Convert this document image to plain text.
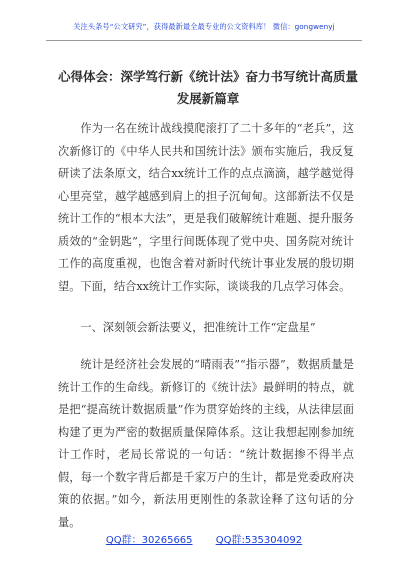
关注头条号“公文研究”，获得最新最全最专业的公文资料库！ 微信：gongwenyj
心得体会：深学笃行新《统计法》奋力书写统计高质量发展新篇章
作为一名在统计战线摸爬滚打了二十多年的“老兵”，这次新修订的《中华人民共和国统计法》颁布实施后，我反复研读了法条原文，结合xx统计工作的点点滴滴，越学越觉得心里亮堂，越学越感到肩上的担子沉甸甸。这部新法不仅是统计工作的“根本大法”，更是我们破解统计难题、提升服务质效的“金钥匙”，字里行间既体现了党中央、国务院对统计工作的高度重视，也饱含着对新时代统计事业发展的殷切期望。下面，结合xx统计工作实际，谈谈我的几点学习体会。
一、深刻领会新法要义，把准统计工作“定盘星”
统计是经济社会发展的“晴雨表”“指示器”，数据质量是统计工作的生命线。新修订的《统计法》最鲜明的特点，就是把“提高统计数据质量”作为贯穿始终的主线，从法律层面构建了更为严密的数据质量保障体系。这让我想起刚参加统计工作时，老局长常说的一句话：“统计数据掺不得半点假，每一个数字背后都是千家万户的生计，都是党委政府决策的依据。”如今，新法用更刚性的条款诠释了这句话的分量。
QQ群：30265665 QQ群:535304092
